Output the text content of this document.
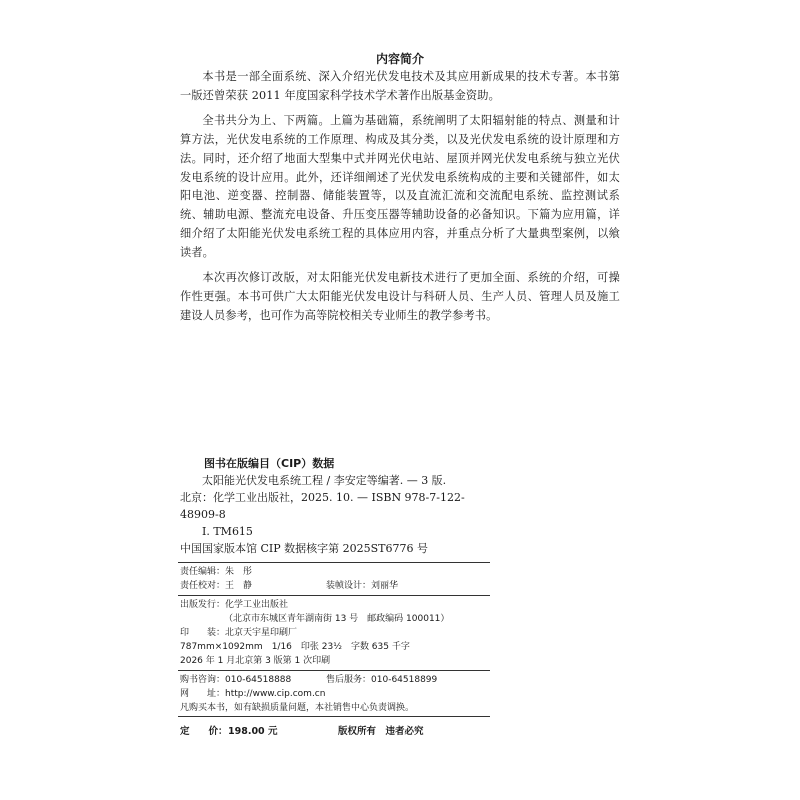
内容简介

本书是一部全面系统、深入介绍光伏发电技术及其应用新成果的技术专著。本书第一版还曾荣获 2011 年度国家科学技术学术著作出版基金资助。

全书共分为上、下两篇。上篇为基础篇，系统阐明了太阳辐射能的特点、测量和计算方法，光伏发电系统的工作原理、构成及其分类，以及光伏发电系统的设计原理和方法。同时，还介绍了地面大型集中式并网光伏电站、屋顶并网光伏发电系统与独立光伏发电系统的设计应用。此外，还详细阐述了光伏发电系统构成的主要和关键部件，如太阳电池、逆变器、控制器、储能装置等，以及直流汇流和交流配电系统、监控测试系统、辅助电源、整流充电设备、升压变压器等辅助设备的必备知识。下篇为应用篇，详细介绍了太阳能光伏发电系统工程的具体应用内容，并重点分析了大量典型案例，以飨读者。

本次再次修订改版，对太阳能光伏发电新技术进行了更加全面、系统的介绍，可操作性更强。本书可供广大太阳能光伏发电设计与科研人员、生产人员、管理人员及施工建设人员参考，也可作为高等院校相关专业师生的教学参考书。

图书在版编目（CIP）数据
太阳能光伏发电系统工程 / 李安定等编著. — 3 版.
北京：化学工业出版社，2025. 10. — ISBN 978-7-122-
48909-8
Ⅰ. TM615
中国国家版本馆 CIP 数据核字第 2025ST6776 号
责任编辑：朱　彤
责任校对：王　静	装帧设计：刘丽华
出版发行：化学工业出版社
（北京市东城区青年湖南街 13 号　邮政编码 100011）
印　　装：北京天宇星印刷厂
787mm×1092mm　1/16　印张 23½　字数 635 千字
2026 年 1 月北京第 3 版第 1 次印刷
购书咨询：010-64518888	售后服务：010-64518899
网　　址：http://www.cip.com.cn
凡购买本书，如有缺损质量问题，本社销售中心负责调换。
定　　价： 198.00 元	版权所有　违者必究
